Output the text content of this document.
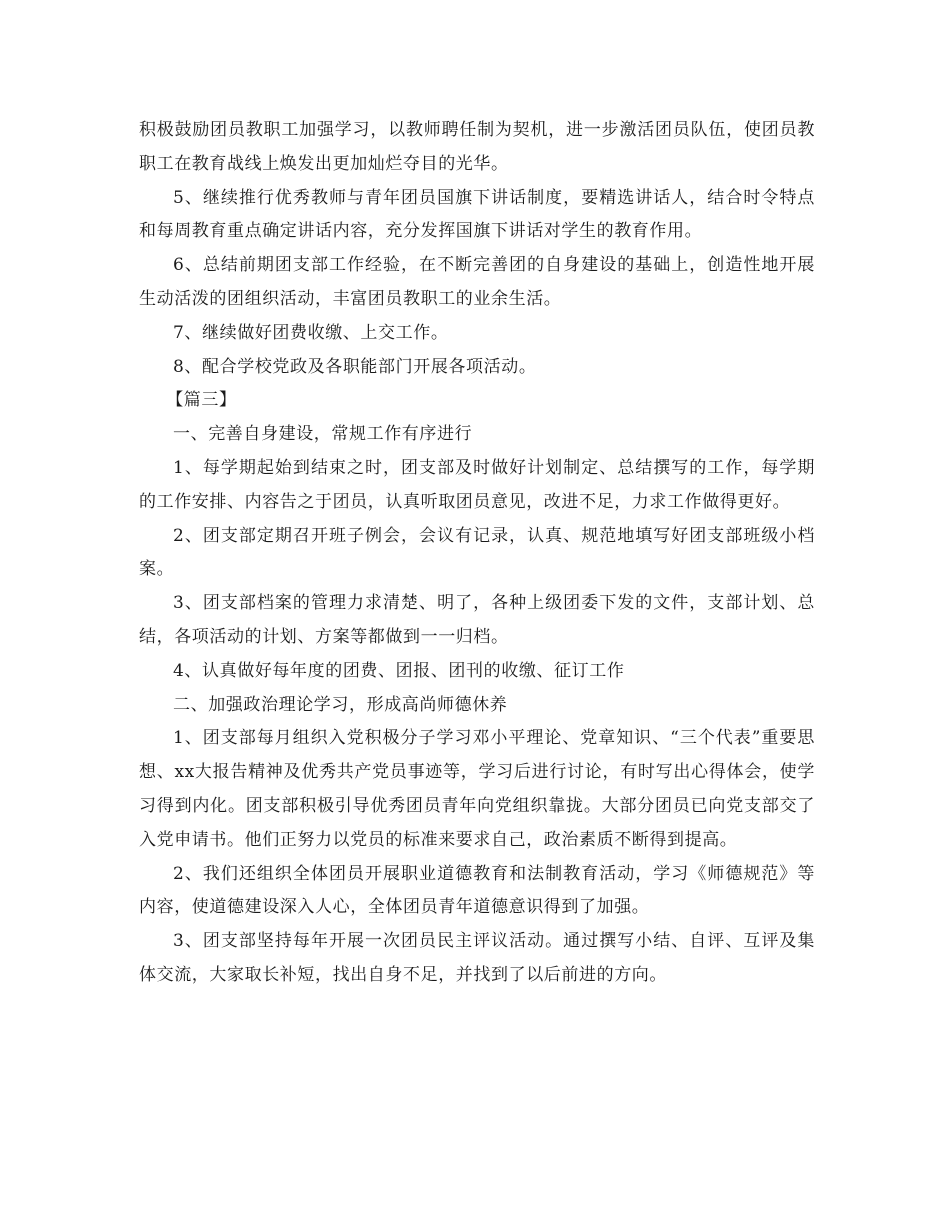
积极鼓励团员教职工加强学习，以教师聘任制为契机，进一步激活团员队伍，使团员教职工在教育战线上焕发出更加灿烂夺目的光华。

5、继续推行优秀教师与青年团员国旗下讲话制度，要精选讲话人，结合时令特点和每周教育重点确定讲话内容，充分发挥国旗下讲话对学生的教育作用。

6、总结前期团支部工作经验，在不断完善团的自身建设的基础上，创造性地开展生动活泼的团组织活动，丰富团员教职工的业余生活。

7、继续做好团费收缴、上交工作。

8、配合学校党政及各职能部门开展各项活动。

【篇三】

一、完善自身建设，常规工作有序进行

1、每学期起始到结束之时，团支部及时做好计划制定、总结撰写的工作，每学期的工作安排、内容告之于团员，认真听取团员意见，改进不足，力求工作做得更好。

2、团支部定期召开班子例会，会议有记录，认真、规范地填写好团支部班级小档案。

3、团支部档案的管理力求清楚、明了，各种上级团委下发的文件，支部计划、总结，各项活动的计划、方案等都做到一一归档。

4、认真做好每年度的团费、团报、团刊的收缴、征订工作

二、加强政治理论学习，形成高尚师德休养

1、团支部每月组织入党积极分子学习邓小平理论、党章知识、“三个代表”重要思想、xx大报告精神及优秀共产党员事迹等，学习后进行讨论，有时写出心得体会，使学习得到内化。团支部积极引导优秀团员青年向党组织靠拢。大部分团员已向党支部交了入党申请书。他们正努力以党员的标准来要求自己，政治素质不断得到提高。

2、我们还组织全体团员开展职业道德教育和法制教育活动，学习《师德规范》等内容，使道德建设深入人心，全体团员青年道德意识得到了加强。

3、团支部坚持每年开展一次团员民主评议活动。通过撰写小结、自评、互评及集体交流，大家取长补短，找出自身不足，并找到了以后前进的方向。
